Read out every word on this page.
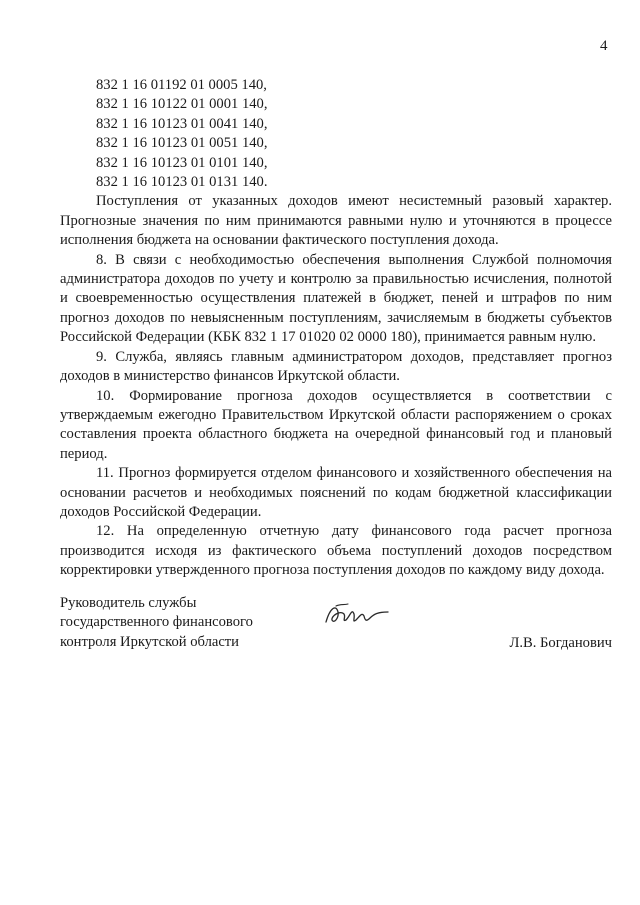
4
832 1 16 01192 01 0005 140,
832 1 16 10122 01 0001 140,
832 1 16 10123 01 0041 140,
832 1 16 10123 01 0051 140,
832 1 16 10123 01 0101 140,
832 1 16 10123 01 0131 140.

Поступления от указанных доходов имеют несистемный разовый характер. Прогнозные значения по ним принимаются равными нулю и уточняются в процессе исполнения бюджета на основании фактического поступления дохода.

8. В связи с необходимостью обеспечения выполнения Службой полномочия администратора доходов по учету и контролю за правильностью исчисления, полнотой и своевременностью осуществления платежей в бюджет, пеней и штрафов по ним прогноз доходов по невыясненным поступлениям, зачисляемым в бюджеты субъектов Российской Федерации (КБК 832 1 17 01020 02 0000 180), принимается равным нулю.

9. Служба, являясь главным администратором доходов, представляет прогноз доходов в министерство финансов Иркутской области.

10. Формирование прогноза доходов осуществляется в соответствии с утверждаемым ежегодно Правительством Иркутской области распоряжением о сроках составления проекта областного бюджета на очередной финансовый год и плановый период.

11. Прогноз формируется отделом финансового и хозяйственного обеспечения на основании расчетов и необходимых пояснений по кодам бюджетной классификации доходов Российской Федерации.

12. На определенную отчетную дату финансового года расчет прогноза производится исходя из фактического объема поступлений доходов посредством корректировки утвержденного прогноза поступления доходов по каждому виду дохода.

Руководитель службы
государственного финансового
контроля Иркутской области	Л.В. Богданович
